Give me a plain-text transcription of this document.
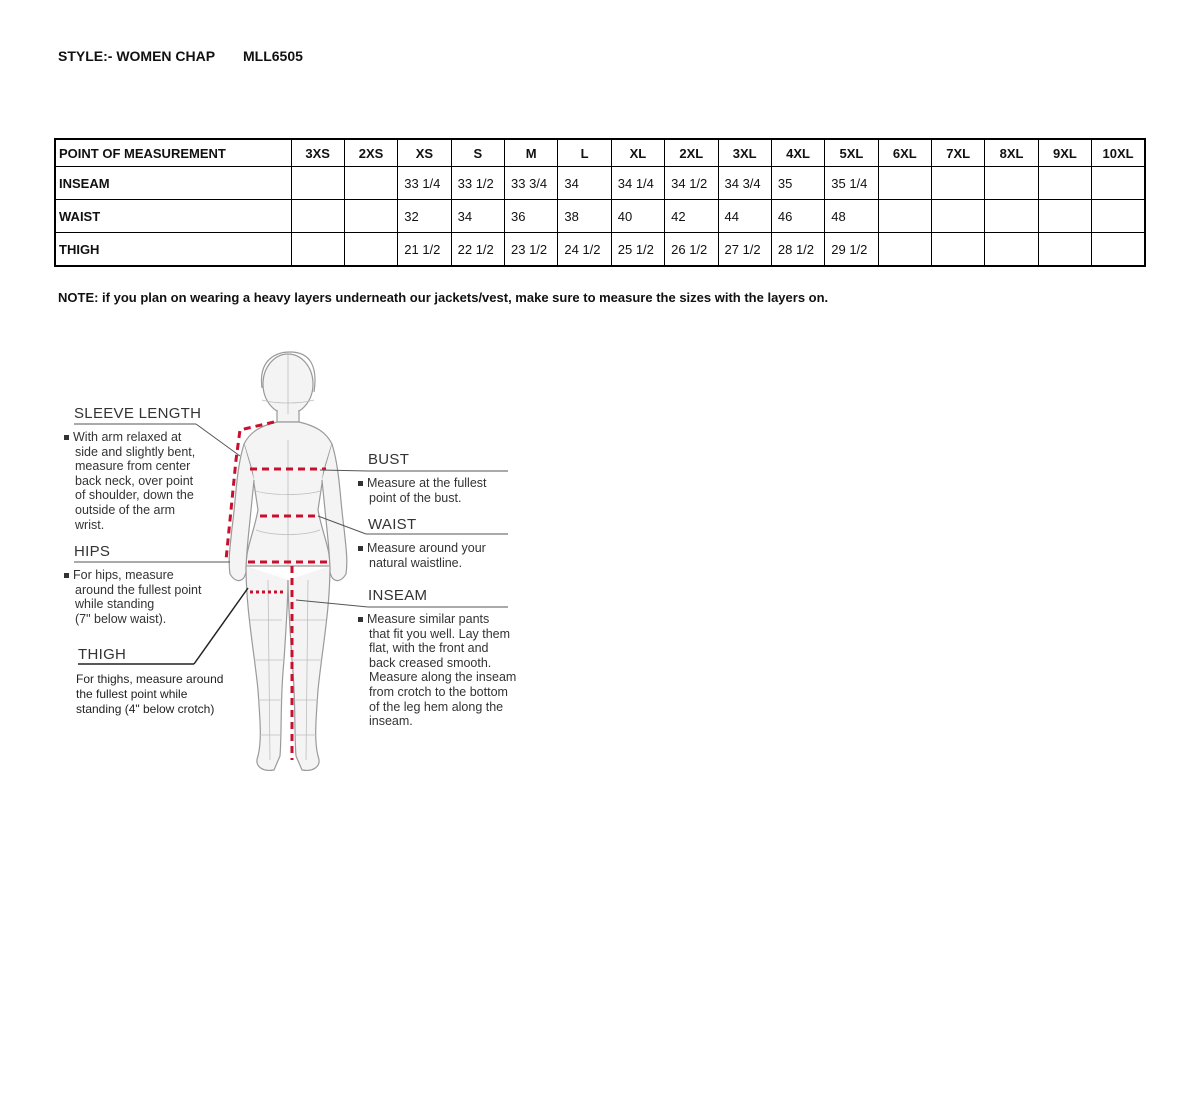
STYLE:- WOMEN CHAP MLL6505
POINT OF MEASUREMENT	3XS	2XS	XS	S	M	L	XL	2XL	3XL	4XL	5XL	6XL	7XL	8XL	9XL	10XL
INSEAM			33 1/4	33 1/2	33 3/4	34	34 1/4	34 1/2	34 3/4	35	35 1/4					
WAIST			32	34	36	38	40	42	44	46	48					
THIGH			21 1/2	22 1/2	23 1/2	24 1/2	25 1/2	26 1/2	27 1/2	28 1/2	29 1/2					
NOTE: if you plan on wearing a heavy layers underneath our jackets/vest, make sure to measure the sizes with the layers on.
SLEEVE LENGTH
With arm relaxed at
side and slightly bent,
measure from center
back neck, over point
of shoulder, down the
outside of the arm
wrist.
HIPS
For hips, measure
around the fullest point
while standing
(7" below waist).
THIGH
For thighs, measure around
the fullest point while
standing (4" below crotch)
BUST
Measure at the fullest
point of the bust.
WAIST
Measure around your
natural waistline.
INSEAM
Measure similar pants
that fit you well. Lay them
flat, with the front and
back creased smooth.
Measure along the inseam
from crotch to the bottom
of the leg hem along the
inseam.
